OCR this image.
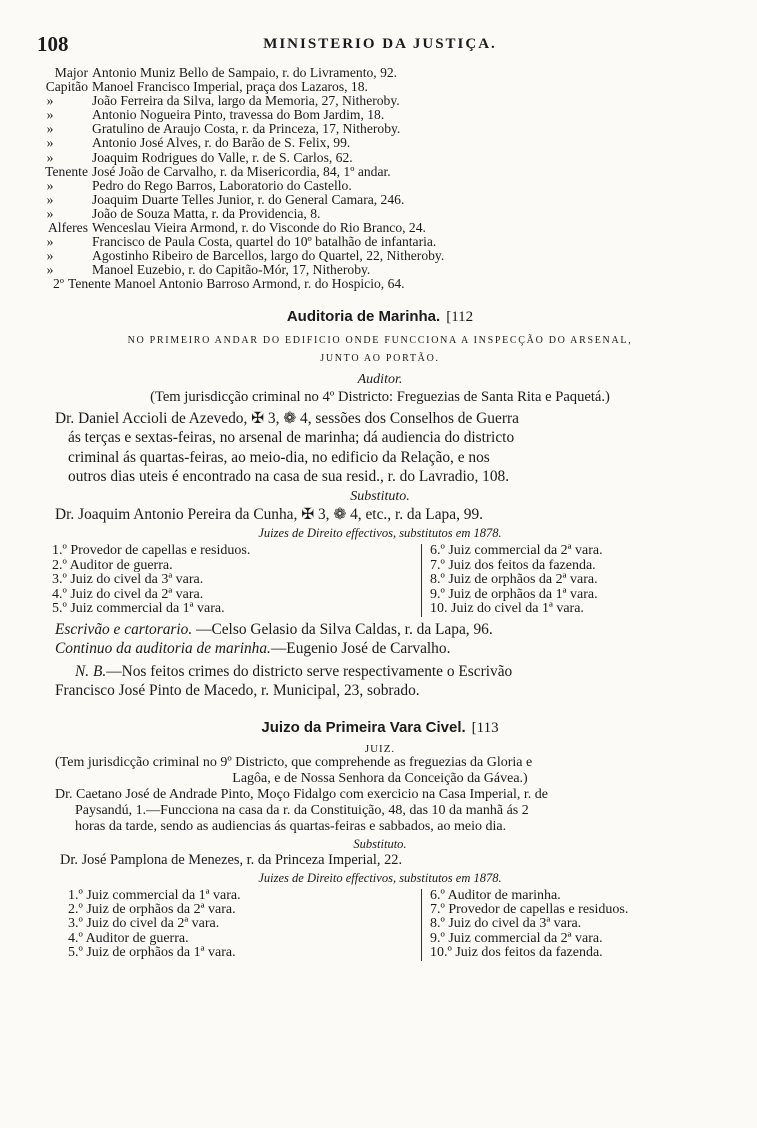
108	MINISTERIO DA JUSTIÇA.
Major Antonio Muniz Bello de Sampaio, r. do Livramento, 92.
Capitão Manoel Francisco Imperial, praça dos Lazaros, 18.
»	João Ferreira da Silva, largo da Memoria, 27, Nitheroby.
»	Antonio Nogueira Pinto, travessa do Bom Jardim, 18.
»	Gratulino de Araujo Costa, r. da Princeza, 17, Nitheroby.
»	Antonio José Alves, r. do Barão de S. Felix, 99.
»	Joaquim Rodrigues do Valle, r. de S. Carlos, 62.
Tenente José João de Carvalho, r. da Misericordia, 84, 1º andar.
»	Pedro do Rego Barros, Laboratorio do Castello.
»	Joaquim Duarte Telles Junior, r. do General Camara, 246.
»	João de Souza Matta, r. da Providencia, 8.
Alferes Wenceslau Vieira Armond, r. do Visconde do Rio Branco, 24.
»	Francisco de Paula Costa, quartel do 10º batalhão de infantaria.
»	Agostinho Ribeiro de Barcellos, largo do Quartel, 22, Nitheroby.
»	Manoel Euzebio, r. do Capitão-Mór, 17, Nitheroby.
2º Tenente Manoel Antonio Barroso Armond, r. do Hospicio, 64.
Auditoria de Marinha. [112
NO PRIMEIRO ANDAR DO EDIFICIO ONDE FUNCCIONA A INSPECÇÃO DO ARSENAL,
JUNTO AO PORTÃO.
Auditor.
(Tem jurisdicção criminal no 4º Districto: Freguezias de Santa Rita e Paquetá.)
Dr. Daniel Accioli de Azevedo, ✠ 3, ❁ 4, sessões dos Conselhos de Guerra
ás terças e sextas-feiras, no arsenal de marinha; dá audiencia do districto
criminal ás quartas-feiras, ao meio-dia, no edificio da Relação, e nos
outros dias uteis é encontrado na casa de sua resid., r. do Lavradio, 108.
Substituto.
Dr. Joaquim Antonio Pereira da Cunha, ✠ 3, ❁ 4, etc., r. da Lapa, 99.
Juizes de Direito effectivos, substitutos em 1878.
1.º Provedor de capellas e residuos.
2.º Auditor de guerra.
3.º Juiz do civel da 3ª vara.
4.º Juiz do civel da 2ª vara.
5.º Juiz commercial da 1ª vara.
6.º Juiz commercial da 2ª vara.
7.º Juiz dos feitos da fazenda.
8.º Juiz de orphãos da 2ª vara.
9.º Juiz de orphãos da 1ª vara.
10. Juiz do civel da 1ª vara.
Escrivão e cartorario. —Celso Gelasio da Silva Caldas, r. da Lapa, 96.
Continuo da auditoria de marinha.—Eugenio José de Carvalho.
N. B.—Nos feitos crimes do districto serve respectivamente o Escrivão
Francisco José Pinto de Macedo, r. Municipal, 23, sobrado.
Juizo da Primeira Vara Civel. [113
JUIZ.
(Tem jurisdicção criminal no 9º Districto, que comprehende as freguezias da Gloria e
Lagôa, e de Nossa Senhora da Conceição da Gávea.)
Dr. Caetano José de Andrade Pinto, Moço Fidalgo com exercicio na Casa Imperial, r. de
Paysandú, 1.—Funcciona na casa da r. da Constituição, 48, das 10 da manhã ás 2
horas da tarde, sendo as audiencias ás quartas-feiras e sabbados, ao meio dia.
Substituto.
Dr. José Pamplona de Menezes, r. da Princeza Imperial, 22.
Juizes de Direito effectivos, substitutos em 1878.
1.º Juiz commercial da 1ª vara.
2.º Juiz de orphãos da 2ª vara.
3.º Juiz do civel da 2ª vara.
4.º Auditor de guerra.
5.º Juiz de orphãos da 1ª vara.
6.º Auditor de marinha.
7.º Provedor de capellas e residuos.
8.º Juiz do civel da 3ª vara.
9.º Juiz commercial da 2ª vara.
10.º Juiz dos feitos da fazenda.
